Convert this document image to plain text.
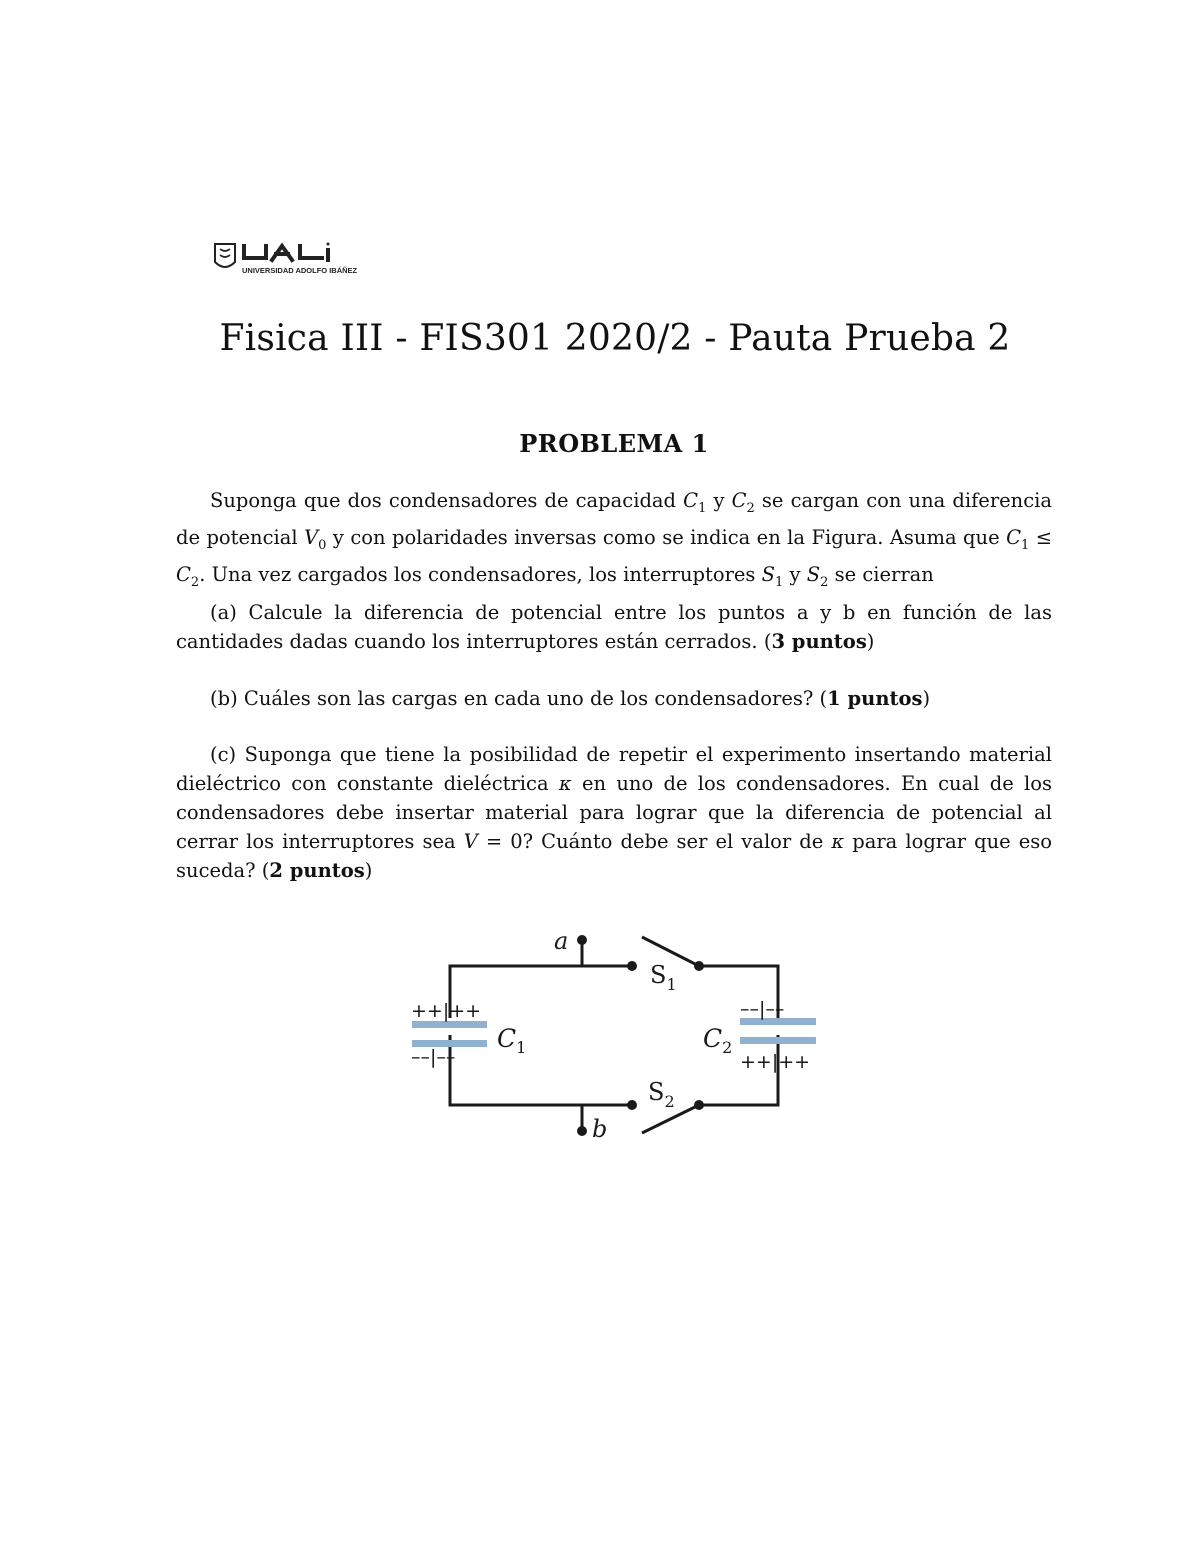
UNIVERSIDAD ADOLFO IBÁÑEZ
Fisica III - FIS301 2020/2 - Pauta Prueba 2
PROBLEMA 1

Suponga que dos condensadores de capacidad $C_1$ y $C_2$ se cargan con una diferencia de potencial $V_0$ y con polaridades inversas como se indica en la Figura. Asuma que $C_1 \le C_2$. Una vez cargados los condensadores, los interruptores $S_1$ y $S_2$ se cierran

(a) Calcule la diferencia de potencial entre los puntos a y b en función de las cantidades dadas cuando los interruptores están cerrados. (3 puntos)

(b) Cuáles son las cargas en cada uno de los condensadores? (1 puntos)

(c) Suponga que tiene la posibilidad de repetir el experimento insertando material dieléctrico con constante dieléctrica κ en uno de los condensadores. En cual de los condensadores debe insertar material para lograr que la diferencia de potencial al cerrar los interruptores sea V = 0? Cuánto debe ser el valor de κ para lograr que eso suceda? (2 puntos)

++|++
––|––
––|––
++|++
a
b
$S_1$
$S_2$
$C_1$	$C_2$
